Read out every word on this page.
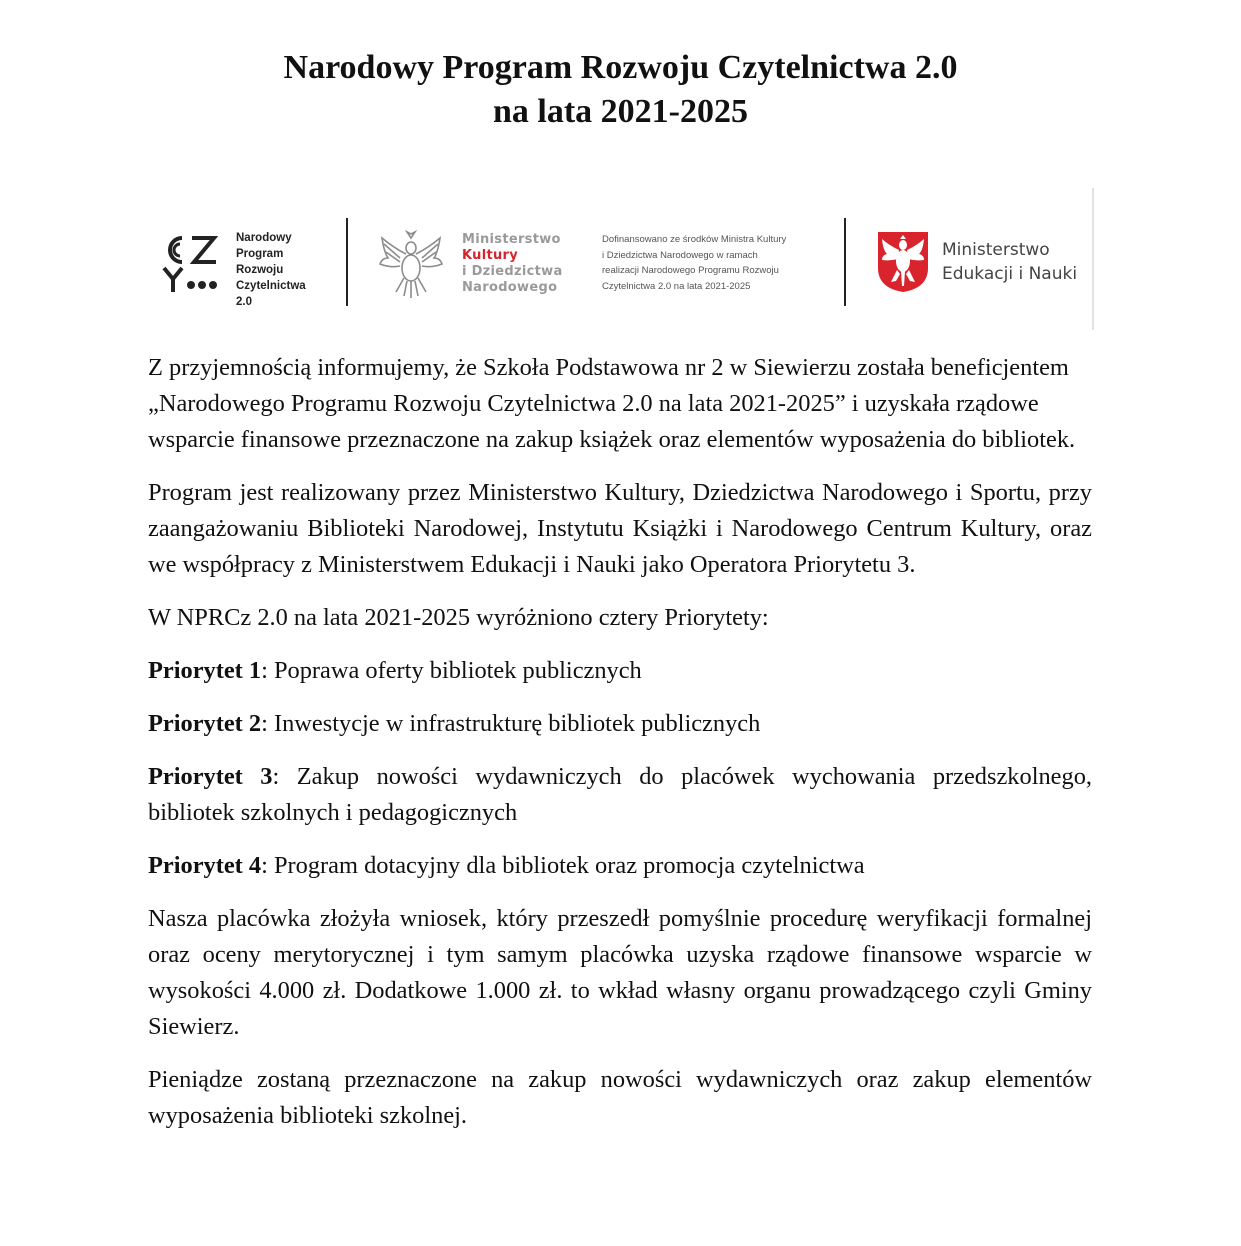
Narodowy Program Rozwoju Czytelnictwa 2.0
na lata 2021-2025
Narodowy
Program
Rozwoju
Czytelnictwa
2.0
Ministerstwo
Kultury
i Dziedzictwa
Narodowego
Dofinansowano ze środków Ministra Kultury
i Dziedzictwa Narodowego w ramach
realizacji Narodowego Programu Rozwoju
Czytelnictwa 2.0 na lata 2021-2025
Ministerstwo
Edukacji i Nauki

Z przyjemnością informujemy, że Szkoła Podstawowa nr 2 w Siewierzu została beneficjentem „Narodowego Programu Rozwoju Czytelnictwa 2.0 na lata 2021-2025” i uzyskała rządowe wsparcie finansowe przeznaczone na zakup książek oraz elementów wyposażenia do bibliotek.

Program jest realizowany przez Ministerstwo Kultury, Dziedzictwa Narodowego i Sportu, przy zaangażowaniu Biblioteki Narodowej, Instytutu Książki i Narodowego Centrum Kultury, oraz we współpracy z Ministerstwem Edukacji i Nauki jako Operatora Priorytetu 3.

W NPRCz 2.0 na lata 2021-2025 wyróżniono cztery Priorytety:

Priorytet 1: Poprawa oferty bibliotek publicznych

Priorytet 2: Inwestycje w infrastrukturę bibliotek publicznych

Priorytet 3: Zakup nowości wydawniczych do placówek wychowania przedszkolnego, bibliotek szkolnych i pedagogicznych

Priorytet 4: Program dotacyjny dla bibliotek oraz promocja czytelnictwa

Nasza placówka złożyła wniosek, który przeszedł pomyślnie procedurę weryfikacji formalnej oraz oceny merytorycznej i tym samym placówka uzyska rządowe finansowe wsparcie w wysokości 4.000 zł. Dodatkowe 1.000 zł. to wkład własny organu prowadzącego czyli Gminy Siewierz.

Pieniądze zostaną przeznaczone na zakup nowości wydawniczych oraz zakup elementów wyposażenia biblioteki szkolnej.
